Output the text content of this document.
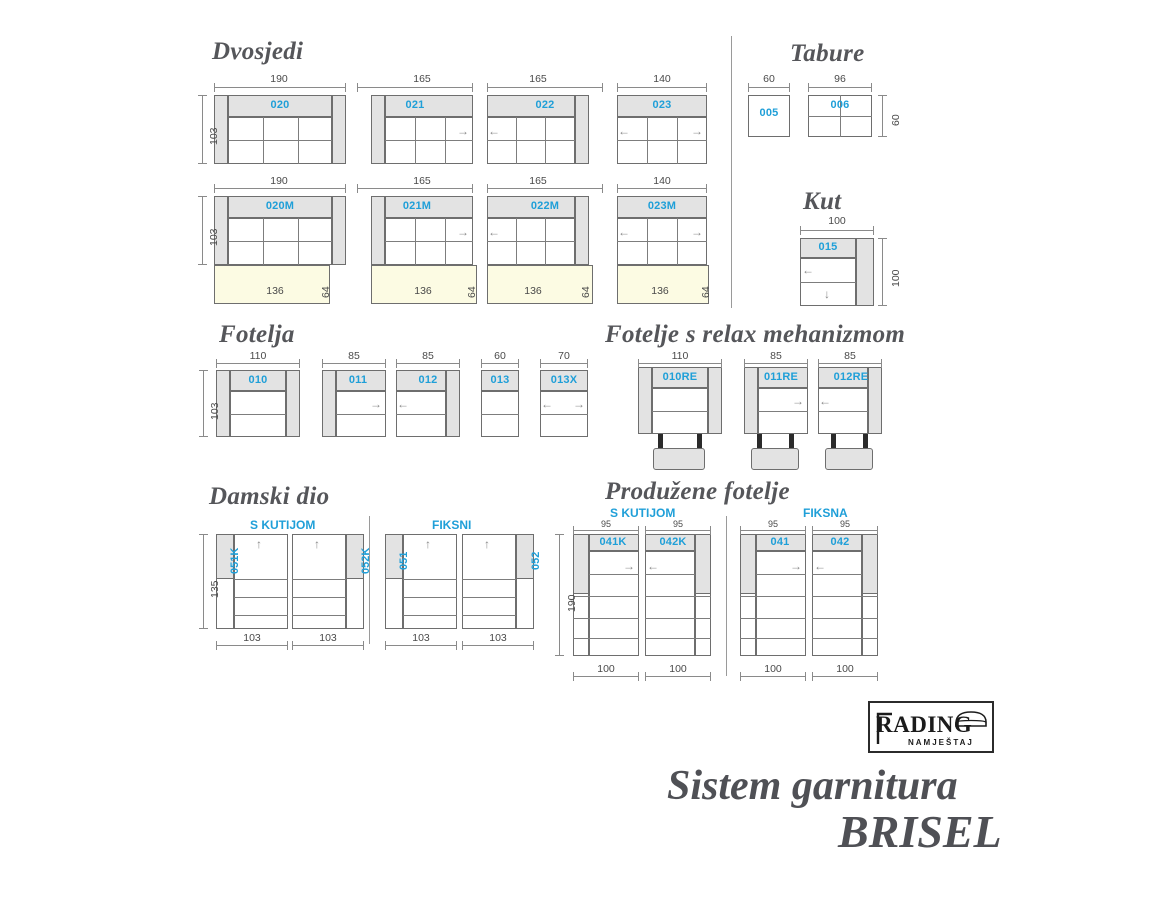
Dvosjedi	Tabure
Kut
Fotelja	Fotelje s relax mehanizmom
Damski dio	Produžene fotelje
020
190
103
021
→
165
022
←
165
023
←	→
140
005
60
006
96
60
020M
136	64
190
103
021M
→
136	64
165
022M
←
136	64
165
023M
←	→
136	64
140
015
←
↓
100
100
010
110
103
011
→
85
012
←
85
013
60
013X
← →
70
010RE
110
011RE
→
85
012RE
←
85
S KUTIJOM	FIKSNI
051K
↑
103
135
052K
↑
103
051
↑
103
052
↑
103
S KUTIJOM	FIKSNA
041K
→
95
100
190
042K
←
95
100
041
→
95
100
042
←
95
100
RADING
NAMJEŠTAJ
Sistem garnitura
BRISEL
